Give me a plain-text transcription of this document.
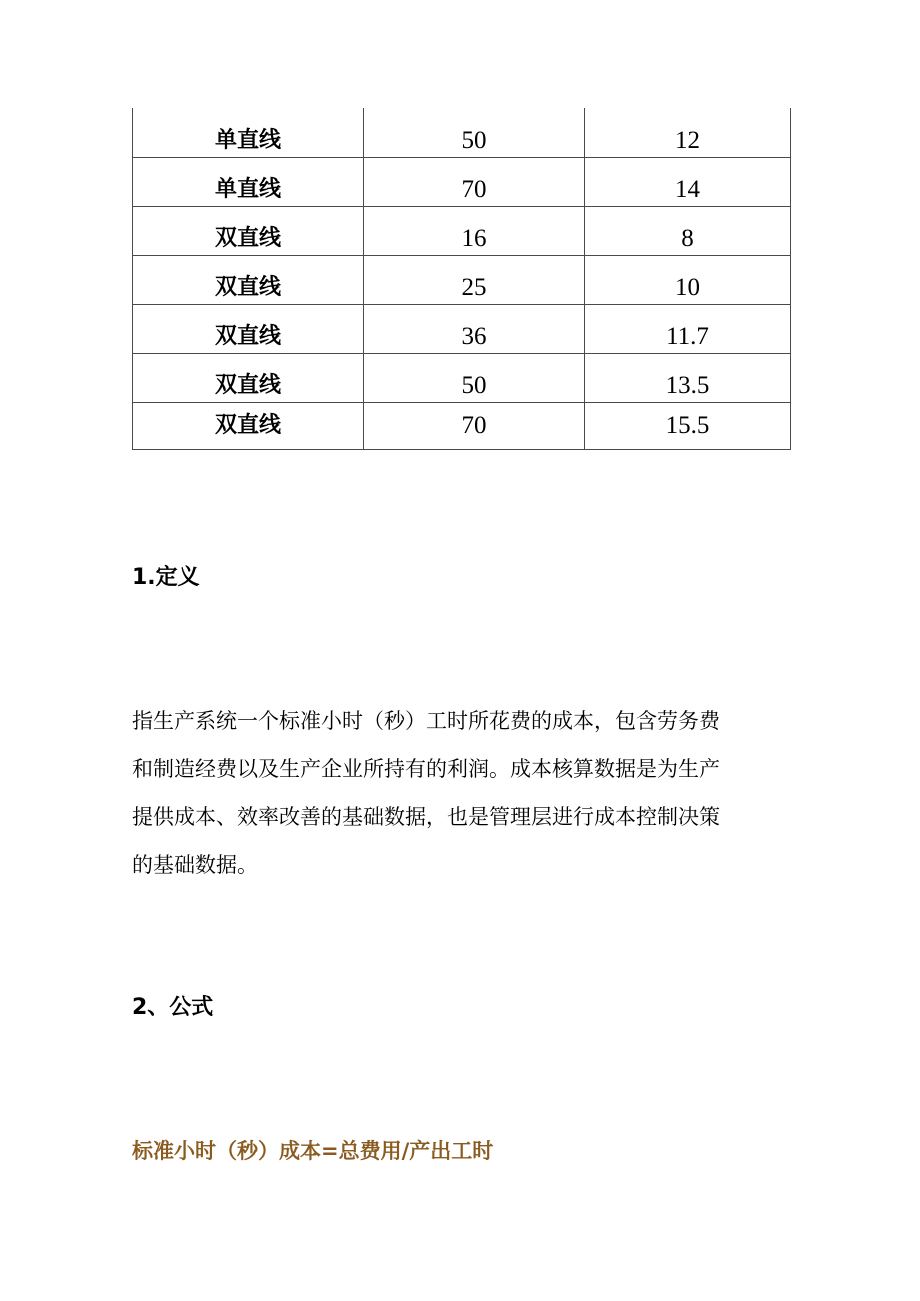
单直线	50	12
单直线	70	14
双直线	16	8
双直线	25	10
双直线	36	11.7
双直线	50	13.5
双直线	70	15.5
1.定义

指生产系统一个标准小时（秒）工时所花费的成本，包含劳务费
和制造经费以及生产企业所持有的利润。成本核算数据是为生产
提供成本、效率改善的基础数据，也是管理层进行成本控制决策
的基础数据。

2、公式
标准小时（秒）成本=总费用/产出工时
